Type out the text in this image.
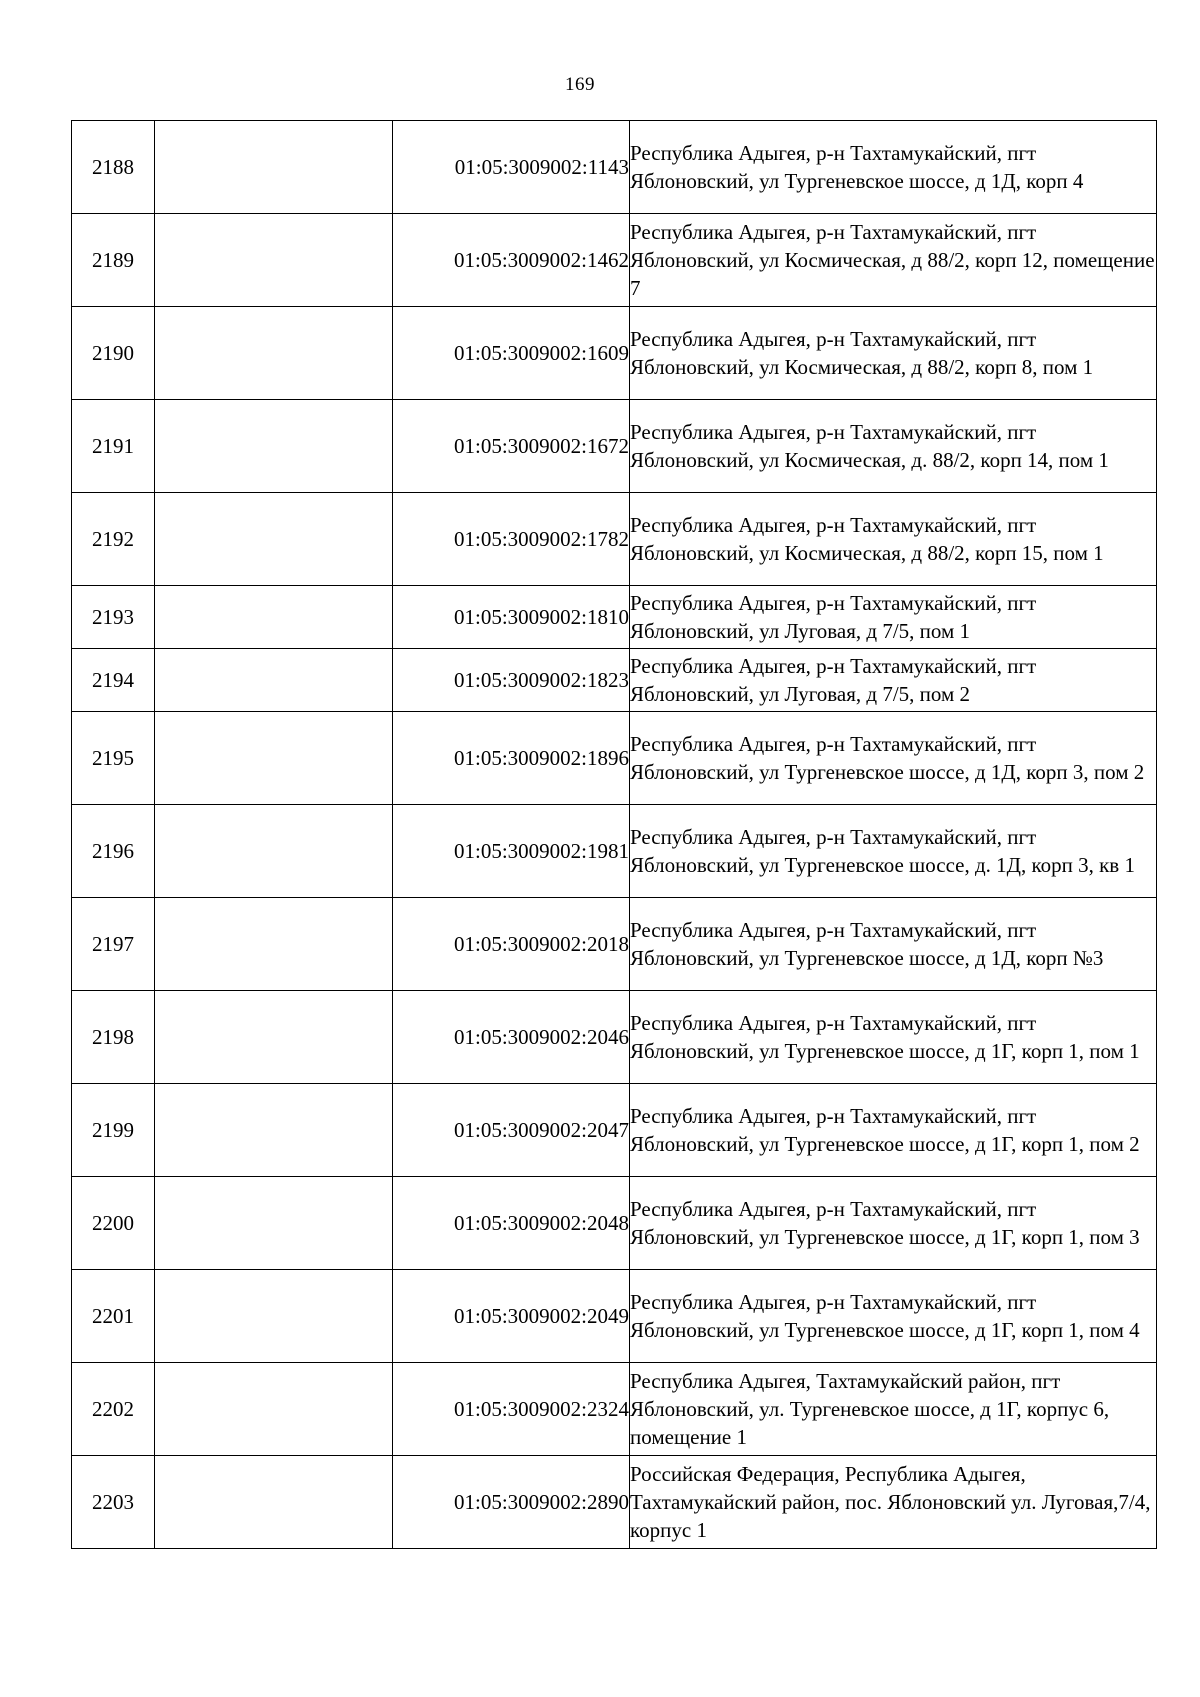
169
2188		01:05:3009002:1143	Республика Адыгея, р-н Тахтамукайский, пгт Яблоновский, ул Тургеневское шоссе, д 1Д, корп 4
2189		01:05:3009002:1462	Республика Адыгея, р-н Тахтамукайский, пгт Яблоновский, ул Космическая, д 88/2, корп 12, помещение 7
2190		01:05:3009002:1609	Республика Адыгея, р-н Тахтамукайский, пгт Яблоновский, ул Космическая, д 88/2, корп 8, пом 1
2191		01:05:3009002:1672	Республика Адыгея, р-н Тахтамукайский, пгт Яблоновский, ул Космическая, д. 88/2, корп 14, пом 1
2192		01:05:3009002:1782	Республика Адыгея, р-н Тахтамукайский, пгт Яблоновский, ул Космическая, д 88/2, корп 15, пом 1
2193		01:05:3009002:1810	Республика Адыгея, р-н Тахтамукайский, пгт Яблоновский, ул Луговая, д 7/5, пом 1
2194		01:05:3009002:1823	Республика Адыгея, р-н Тахтамукайский, пгт Яблоновский, ул Луговая, д 7/5, пом 2
2195		01:05:3009002:1896	Республика Адыгея, р-н Тахтамукайский, пгт Яблоновский, ул Тургеневское шоссе, д 1Д, корп 3, пом 2
2196		01:05:3009002:1981	Республика Адыгея, р-н Тахтамукайский, пгт Яблоновский, ул Тургеневское шоссе, д. 1Д, корп 3, кв 1
2197		01:05:3009002:2018	Республика Адыгея, р-н Тахтамукайский, пгт Яблоновский, ул Тургеневское шоссе, д 1Д, корп №3
2198		01:05:3009002:2046	Республика Адыгея, р-н Тахтамукайский, пгт Яблоновский, ул Тургеневское шоссе, д 1Г, корп 1, пом 1
2199		01:05:3009002:2047	Республика Адыгея, р-н Тахтамукайский, пгт Яблоновский, ул Тургеневское шоссе, д 1Г, корп 1, пом 2
2200		01:05:3009002:2048	Республика Адыгея, р-н Тахтамукайский, пгт Яблоновский, ул Тургеневское шоссе, д 1Г, корп 1, пом 3
2201		01:05:3009002:2049	Республика Адыгея, р-н Тахтамукайский, пгт Яблоновский, ул Тургеневское шоссе, д 1Г, корп 1, пом 4
2202		01:05:3009002:2324	Республика Адыгея, Тахтамукайский район, пгт Яблоновский, ул. Тургеневское шоссе, д 1Г, корпус 6, помещение 1
2203		01:05:3009002:2890	Российская Федерация, Республика Адыгея, Тахтамукайский район, пос. Яблоновский ул. Луговая,7/4, корпус 1
